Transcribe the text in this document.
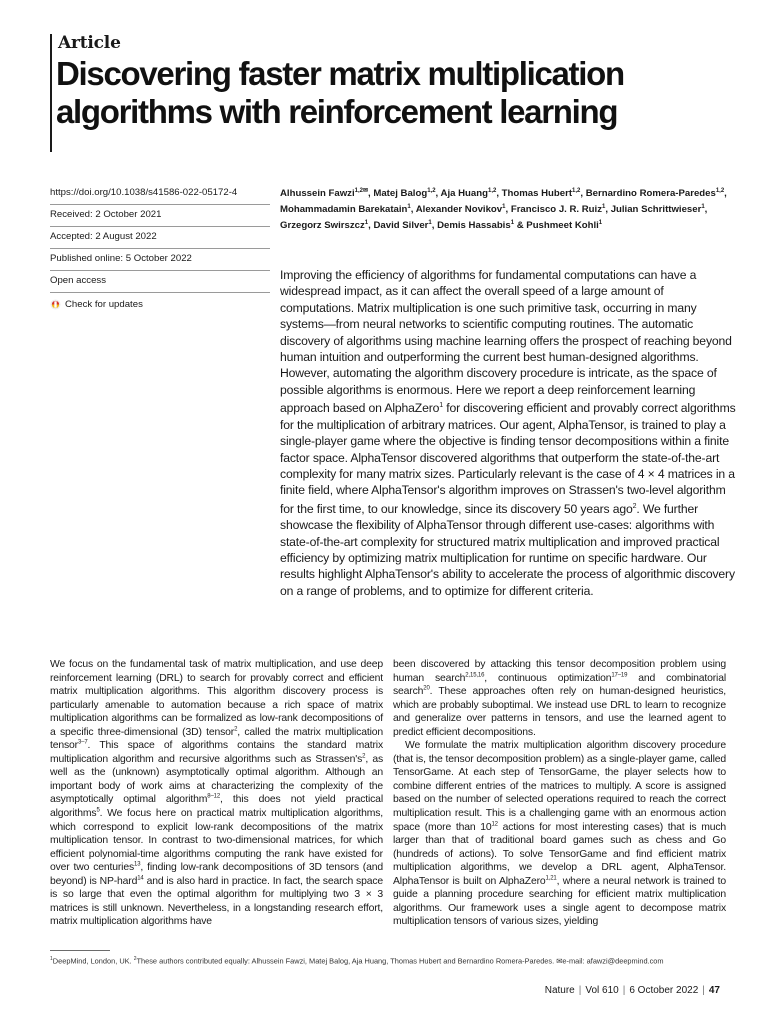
Article
Discovering faster matrix multiplication algorithms with reinforcement learning
https://doi.org/10.1038/s41586-022-05172-4
Received: 2 October 2021
Accepted: 2 August 2022
Published online: 5 October 2022
Open access
Check for updates
Alhussein Fawzi$^{1,2✉}$, Matej Balog$^{1,2}$, Aja Huang$^{1,2}$, Thomas Hubert$^{1,2}$, Bernardino Romera-Paredes$^{1,2}$, Mohammadamin Barekatain$^1$, Alexander Novikov$^1$, Francisco J. R. Ruiz$^1$, Julian Schrittwieser$^1$, Grzegorz Swirszcz$^1$, David Silver$^1$, Demis Hassabis$^1$ & Pushmeet Kohli$^1$

Improving the efficiency of algorithms for fundamental computations can have a widespread impact, as it can affect the overall speed of a large amount of computations. Matrix multiplication is one such primitive task, occurring in many systems—from neural networks to scientific computing routines. The automatic discovery of algorithms using machine learning offers the prospect of reaching beyond human intuition and outperforming the current best human-designed algorithms. However, automating the algorithm discovery procedure is intricate, as the space of possible algorithms is enormous. Here we report a deep reinforcement learning approach based on AlphaZero$^1$ for discovering efficient and provably correct algorithms for the multiplication of arbitrary matrices. Our agent, AlphaTensor, is trained to play a single-player game where the objective is finding tensor decompositions within a finite factor space. AlphaTensor discovered algorithms that outperform the state-of-the-art complexity for many matrix sizes. Particularly relevant is the case of 4 × 4 matrices in a finite field, where AlphaTensor's algorithm improves on Strassen's two-level algorithm for the first time, to our knowledge, since its discovery 50 years ago$^2$. We further showcase the flexibility of AlphaTensor through different use-cases: algorithms with state-of-the-art complexity for structured matrix multiplication and improved practical efficiency by optimizing matrix multiplication for runtime on specific hardware. Our results highlight AlphaTensor's ability to accelerate the process of algorithmic discovery on a range of problems, and to optimize for different criteria.

We focus on the fundamental task of matrix multiplication, and use deep reinforcement learning (DRL) to search for provably correct and efficient matrix multiplication algorithms. This algorithm discovery process is particularly amenable to automation because a rich space of matrix multiplication algorithms can be formalized as low-rank decompositions of a specific three-dimensional (3D) tensor$^2$, called the matrix multiplication tensor$^{3-7}$. This space of algorithms contains the standard matrix multiplication algorithm and recursive algorithms such as $Strassen's^2$, as well as the (unknown) asymptotically optimal algorithm. Although an important body of work aims at characterizing the complexity of the asymptotically optimal algorithm$^{8-12}$, this does not yield practical algorithms$^5$. We focus here on practical matrix multiplication algorithms, which correspond to explicit low-rank decompositions of the matrix multiplication tensor. In contrast to two-dimensional matrices, for which efficient polynomial-time algorithms computing the rank have existed for over two centuries$^{13}$, finding low-rank decompositions of 3D tensors (and beyond) is NP-hard$^{14}$ and is also hard in practice. In fact, the search space is so large that even the optimal algorithm for multiplying two 3 × 3 matrices is still unknown. Nevertheless, in a longstanding research effort, matrix multiplication algorithms have

been discovered by attacking this tensor decomposition problem using human search$^{2,15,16}$, continuous optimization$^{17-19}$ and combinatorial search$^{20}$. These approaches often rely on human-designed heuristics, which are probably suboptimal. We instead use DRL to learn to recognize and generalize over patterns in tensors, and use the learned agent to predict efficient decompositions.

We formulate the matrix multiplication algorithm discovery procedure (that is, the tensor decomposition problem) as a single-player game, called TensorGame. At each step of TensorGame, the player selects how to combine different entries of the matrices to multiply. A score is assigned based on the number of selected operations required to reach the correct multiplication result. This is a challenging game with an enormous action space (more than $10^{12}$ actions for most interesting cases) that is much larger than that of traditional board games such as chess and Go (hundreds of actions). To solve TensorGame and find efficient matrix multiplication algorithms, we develop a DRL agent, AlphaTensor. AlphaTensor is built on AlphaZero$^{1,21}$, where a neural network is trained to guide a planning procedure searching for efficient matrix multiplication algorithms. Our framework uses a single agent to decompose matrix multiplication tensors of various sizes, yielding

$^1$DeepMind, London, UK. $^2$These authors contributed equally: Alhussein Fawzi, Matej Balog, Aja Huang, Thomas Hubert and Bernardino Romera-Paredes. ✉e-mail: afawzi@deepmind.com
Nature | Vol 610 | 6 October 2022 | 47
